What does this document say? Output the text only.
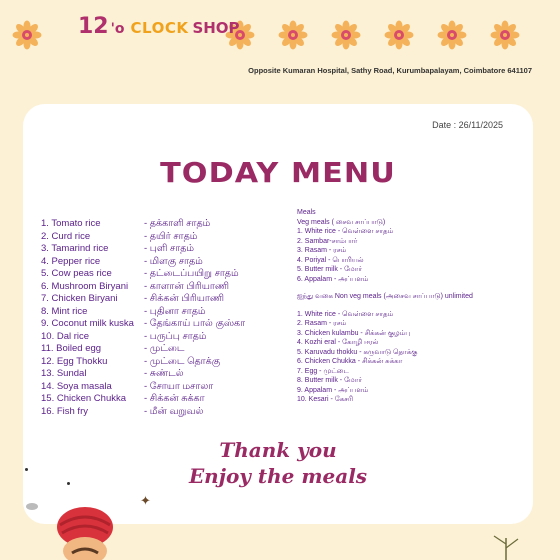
12 'o CLOCK SHOP
Opposite Kumaran Hospital, Sathy Road, Kurumbapalayam, Coimbatore 641107
Date : 26/11/2025
TODAY MENU
1. Tomato rice	- தக்காளி சாதம்
2. Curd rice	- தயிர் சாதம்
3. Tamarind rice	- புளி சாதம்
4. Pepper rice	- மிளகு சாதம்
5. Cow peas rice	- தட்டைப்பயிறு சாதம்
6. Mushroom Biryani	- காளான் பிரியாணி
7. Chicken Biryani	- சிக்கன் பிரியாணி
8. Mint rice	- புதினா சாதம்
9. Coconut milk kuska	- தேங்காய் பால் குஸ்கா
10. Dal rice	- பருப்பு சாதம்
11. Boiled egg	- முட்டை
12. Egg Thokku	- முட்டை தொக்கு
13. Sundal	- சுண்டல்
14. Soya masala	- சோயா மசாலா
15. Chicken Chukka	- சிக்கன் சுக்கா
16. Fish fry	- மீன் வறுவல்
Meals
Veg meals ( சைவ சாப்பாடு)
1. White rice - வெள்ளை சாதம்
2. Sambar-சாம்பார்
3. Rasam - ரசம்
4. Poriyal - பொரியல்
5. Butter milk - மோர்
6. Appalam - அப்பளம்
ஐந்து வகை Non veg meals (அசைவ சாப்பாடு) unlimited
1. White rice - வெள்ளை சாதம்
2. Rasam - ரசம்
3. Chicken kulambu - சிக்கன் குழம்பு
4. Kozhi eral - கோழி ஈரல்
5. Karuvadu thokku - கருவாடு தொக்கு
6. Chicken Chukka - சிக்கன் சுக்கா
7. Egg - முட்டை
8. Butter milk - மோர்
9. Appalam - அப்பளம்
10. Kesari - கேசரி
Thank you
Enjoy the meals
✦
